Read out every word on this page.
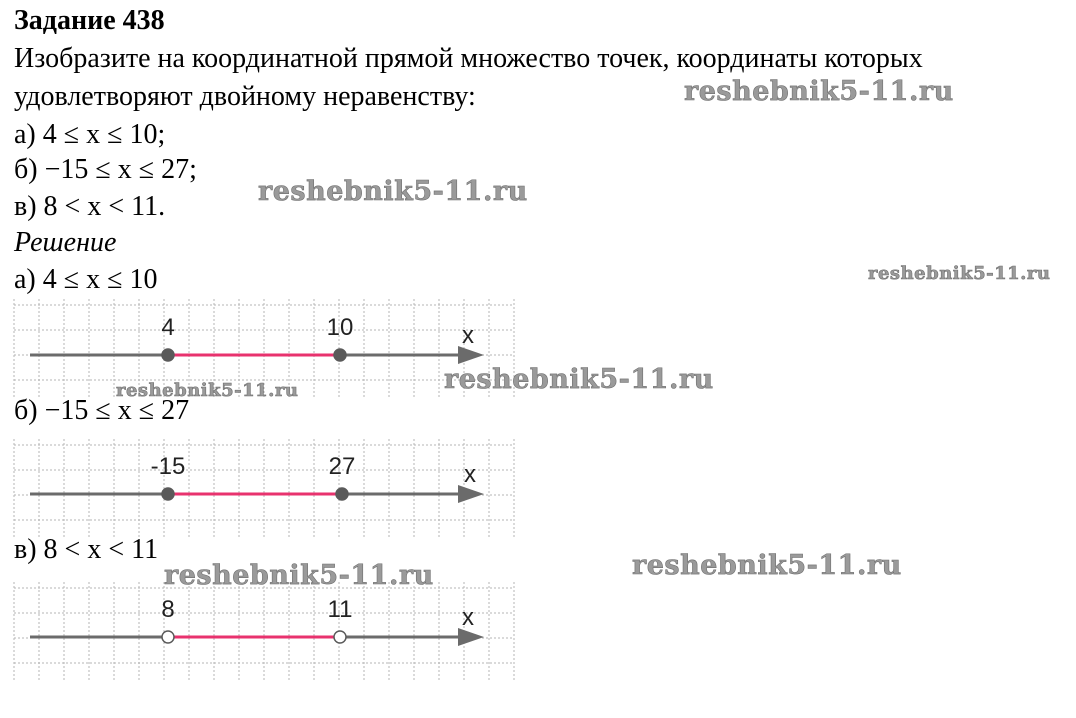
Задание 438
Изобразите на координатной прямой множество точек, координаты которых
удовлетворяют двойному неравенству:
а) 4 ≤ x ≤ 10;
б) −15 ≤ x ≤ 27;
в) 8 < x < 11.
Решение
а) 4 ≤ x ≤ 10
4	10	x
б) −15 ≤ x ≤ 27
-15	27	x
в) 8 < x < 11
8	11	x
reshebnik5-11.ru
reshebnik5-11.ru
reshebnik5-11.ru
reshebnik5-11.ru
reshebnik5-11.ru
reshebnik5-11.ru
reshebnik5-11.ru
